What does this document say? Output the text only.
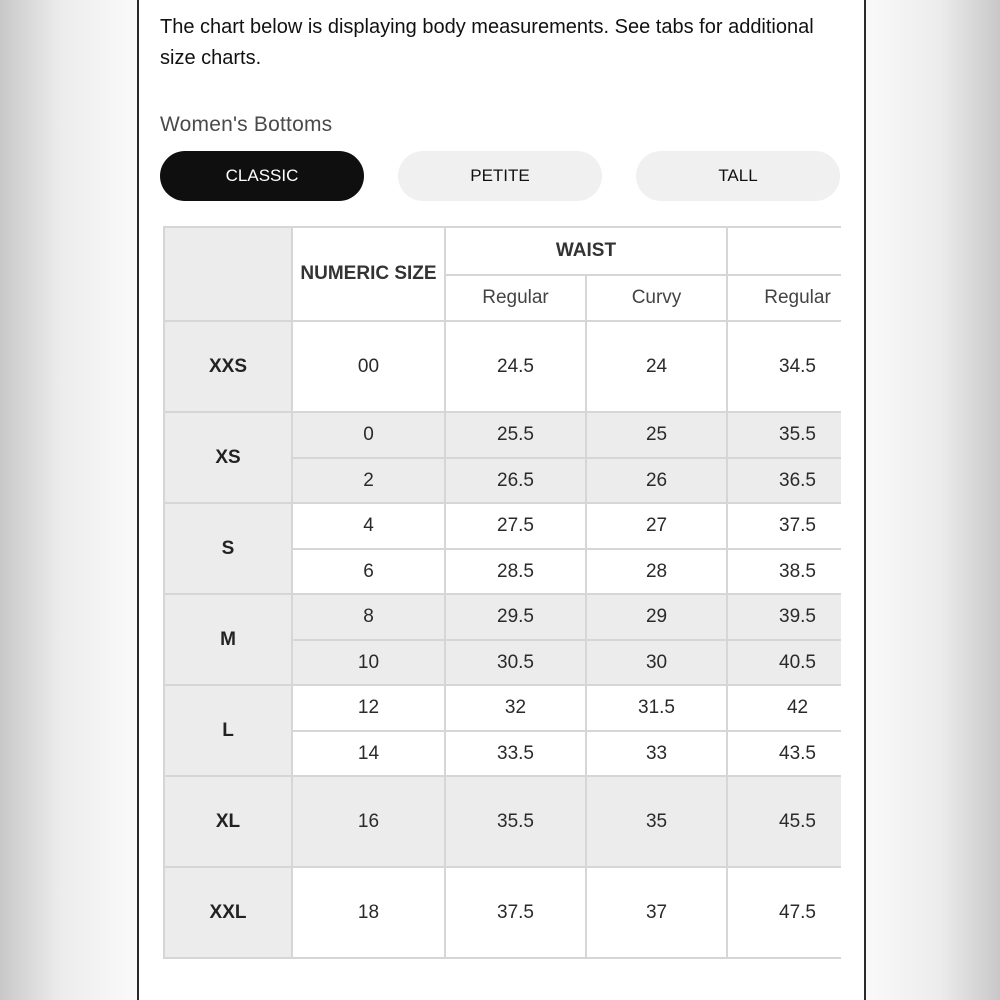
The chart below is displaying body measurements. See tabs for additional size charts.
Women's Bottoms
CLASSIC	PETITE	TALL
	NUMERIC SIZE	WAIST			
		Regular	Curvy	Regular	
XXS	00	24.5	24	34.5	
XS	0	25.5	25	35.5	
	2	26.5	26	36.5	
S	4	27.5	27	37.5	
	6	28.5	28	38.5	
M	8	29.5	29	39.5	
	10	30.5	30	40.5	
L	12	32	31.5	42	
	14	33.5	33	43.5	
XL	16	35.5	35	45.5	
XXL	18	37.5	37	47.5	
